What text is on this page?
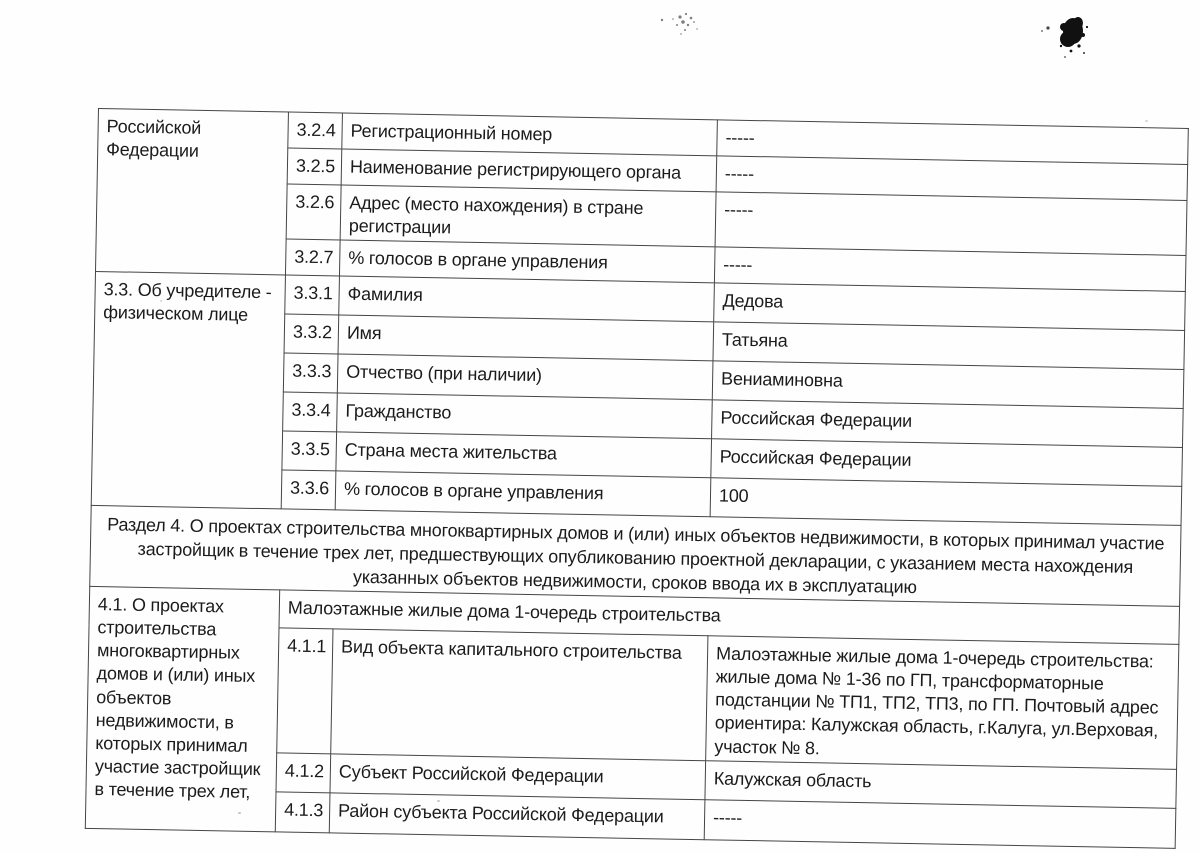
Российской Федерации	3.2.4	Регистрационный номер	-----
	3.2.5	Наименование регистрирующего органа	-----
	3.2.6	Адрес (место нахождения) в стране регистрации	-----
	3.2.7	% голосов в органе управления	-----
3.3. Об учредителе - физическом лице	3.3.1	Фамилия	Дедова
	3.3.2	Имя	Татьяна
	3.3.3	Отчество (при наличии)	Вениаминовна
	3.3.4	Гражданство	Российская Федерации
	3.3.5	Страна места жительства	Российская Федерации
	3.3.6	% голосов в органе управления	100
Раздел 4. О проектах строительства многоквартирных домов и (или) иных объектов недвижимости, в которых принимал участие застройщик в течение трех лет, предшествующих опубликованию проектной декларации, с указанием места нахождения указанных объектов недвижимости, сроков ввода их в эксплуатацию			
4.1. О проектах строительства многоквартирных домов и (или) иных объектов недвижимости, в которых принимал участие застройщик в течение трех лет,	Малоэтажные жилые дома 1-очередь строительства		
	4.1.1	Вид объекта капитального строительства	Малоэтажные жилые дома 1-очередь строительства: жилые дома № 1-36 по ГП, трансформаторные подстанции № ТП1, ТП2, ТП3, по ГП. Почтовый адрес ориентира: Калужская область, г.Калуга, ул.Верховая, участок № 8.
	4.1.2	Субъект Российской Федерации	Калужская область
	4.1.3	Район субъекта Российской Федерации	-----
